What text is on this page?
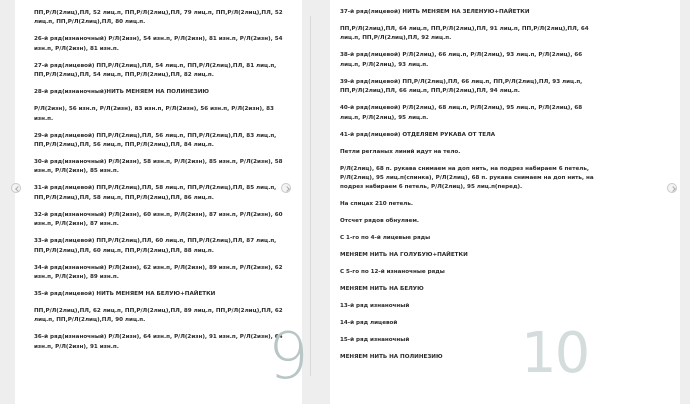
ПП,Р/Л(2лиц),ПЛ, 52 лиц.п, ПП,Р/Л(2лиц),ПЛ, 79 лиц.п, ПП,Р/Л(2лиц),ПЛ, 52
лиц.п, ПП,Р/Л(2лиц),ПЛ, 80 лиц.п.
26-й ряд(изнаночный) Р/Л(2изн), 54 изн.п, Р/Л(2изн), 81 изн.п, Р/Л(2изн), 54
изн.п, Р/Л(2изн), 81 изн.п.
27-й ряд(лицевой) ПП,Р/Л(2лиц),ПЛ, 54 лиц.п, ПП,Р/Л(2лиц),ПЛ, 81 лиц.п,
ПП,Р/Л(2лиц),ПЛ, 54 лиц.п, ПП,Р/Л(2лиц),ПЛ, 82 лиц.п.
28-й ряд(изнаночный)НИТЬ МЕНЯЕМ НА ПОЛИНЕЗИЮ
Р/Л(2изн), 56 изн.п, Р/Л(2изн), 83 изн.п, Р/Л(2изн), 56 изн.п, Р/Л(2изн), 83
изн.п.
29-й ряд(лицевой) ПП,Р/Л(2лиц),ПЛ, 56 лиц.п, ПП,Р/Л(2лиц),ПЛ, 83 лиц.п,
ПП,Р/Л(2лиц),ПЛ, 56 лиц.п, ПП,Р/Л(2лиц),ПЛ, 84 лиц.п.
30-й ряд(изнаночный) Р/Л(2изн), 58 изн.п, Р/Л(2изн), 85 изн.п, Р/Л(2изн), 58
изн.п, Р/Л(2изн), 85 изн.п.
31-й ряд(лицевой) ПП,Р/Л(2лиц),ПЛ, 58 лиц.п, ПП,Р/Л(2лиц),ПЛ, 85 лиц.п,
ПП,Р/Л(2лиц),ПЛ, 58 лиц.п, ПП,Р/Л(2лиц),ПЛ, 86 лиц.п.
32-й ряд(изнаночный) Р/Л(2изн), 60 изн.п, Р/Л(2изн), 87 изн.п, Р/Л(2изн), 60
изн.п, Р/Л(2изн), 87 изн.п.
33-й ряд(лицевой) ПП,Р/Л(2лиц),ПЛ, 60 лиц.п, ПП,Р/Л(2лиц),ПЛ, 87 лиц.п,
ПП,Р/Л(2лиц),ПЛ, 60 лиц.п, ПП,Р/Л(2лиц),ПЛ, 88 лиц.п.
34-й ряд(изнаночный) Р/Л(2изн), 62 изн.п, Р/Л(2изн), 89 изн.п, Р/Л(2изн), 62
изн.п, Р/Л(2изн), 89 изн.п.
35-й ряд(лицевой) НИТЬ МЕНЯЕМ НА БЕЛУЮ+ПАЙЕТКИ
ПП,Р/Л(2лиц),ПЛ, 62 лиц.п, ПП,Р/Л(2лиц),ПЛ, 89 лиц.п, ПП,Р/Л(2лиц),ПЛ, 62
лиц.п, ПП,Р/Л(2лиц),ПЛ, 90 лиц.п.
36-й ряд(изнаночный) Р/Л(2изн), 64 изн.п, Р/Л(2изн), 91 изн.п, Р/Л(2изн), 64
изн.п, Р/Л(2изн), 91 изн.п.	9
37-й ряд(лицевой) НИТЬ МЕНЯЕМ НА ЗЕЛЕНУЮ+ПАЙЕТКИ
ПП,Р/Л(2лиц),ПЛ, 64 лиц.п, ПП,Р/Л(2лиц),ПЛ, 91 лиц.п, ПП,Р/Л(2лиц),ПЛ, 64
лиц.п, ПП,Р/Л(2лиц),ПЛ, 92 лиц.п.
38-й ряд(лицевой) Р/Л(2лиц), 66 лиц.п, Р/Л(2лиц), 93 лиц.п, Р/Л(2лиц), 66
лиц.п, Р/Л(2лиц), 93 лиц.п.
39-й ряд(лицевой) ПП,Р/Л(2лиц),ПЛ, 66 лиц.п, ПП,Р/Л(2лиц),ПЛ, 93 лиц.п,
ПП,Р/Л(2лиц),ПЛ, 66 лиц.п, ПП,Р/Л(2лиц),ПЛ, 94 лиц.п.
40-й ряд(лицевой) Р/Л(2лиц), 68 лиц.п, Р/Л(2лиц), 95 лиц.п, Р/Л(2лиц), 68
лиц.п, Р/Л(2лиц), 95 лиц.п.
41-й ряд(лицевой) ОТДЕЛЯЕМ РУКАВА ОТ ТЕЛА
Петли регланых линий идут на тело.
Р/Л(2лиц), 68 п. рукава снимаем на доп нить, на подрез набираем 6 петель,
Р/Л(2лиц), 95 лиц.п(спинка), Р/Л(2лиц), 68 п. рукава снимаем на доп нить, на
подрез набираем 6 петель, Р/Л(2лиц), 95 лиц.п(перед).
На спицах 210 петель.
Отсчет рядов обнуляем.
С 1-го по 4-й лицевые ряды
МЕНЯЕМ НИТЬ НА ГОЛУБУЮ+ПАЙЕТКИ
С 5-го по 12-й изнаночные ряды
МЕНЯЕМ НИТЬ НА БЕЛУЮ
13-й ряд изнаночный
14-й ряд лицевой
15-й ряд изнаночный
МЕНЯЕМ НИТЬ НА ПОЛИНЕЗИЮ	10
